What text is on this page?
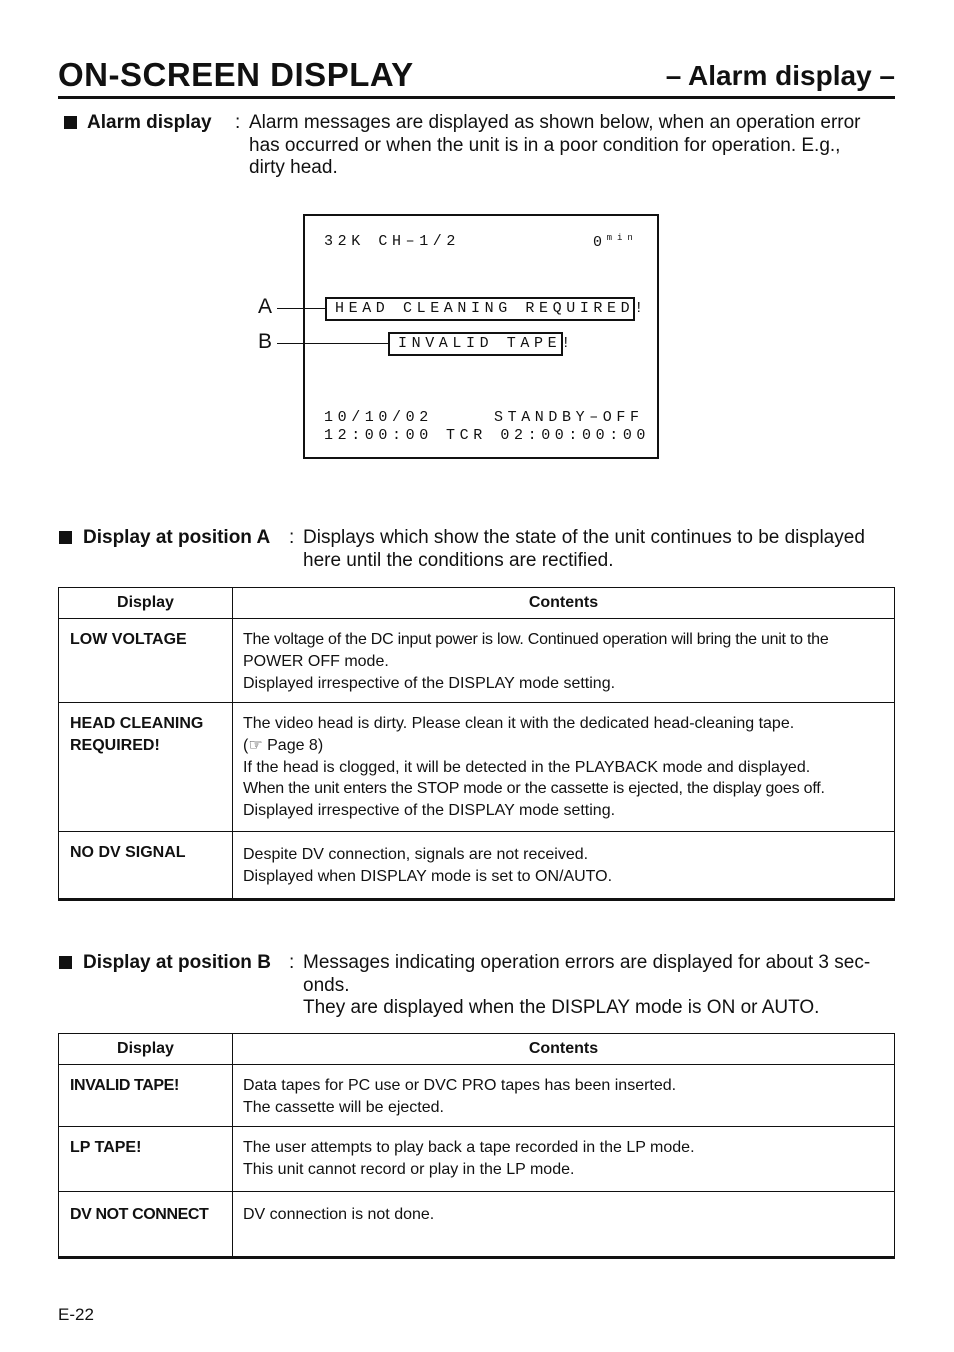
ON-SCREEN DISPLAY	– Alarm display –
Alarm display : Alarm messages are displayed as shown below, when an operation error
has occurred or when the unit is in a poor condition for operation. E.g.,
dirty head.
32K CH–1/2	$0^{min}$
HEAD CLEANING REQUIRED!
INVALID TAPE!
A
B
10/10/02	STANDBY–OFF
12:00:00 TCR 02:00:00:00
Display at position A : Displays which show the state of the unit continues to be displayed
here until the conditions are rectified.
Display	Contents

LOW VOLTAGE	The voltage of the DC input power is low. Continued operation will bring the unit to the
POWER OFF mode.
Displayed irrespective of the DISPLAY mode setting.

HEAD CLEANING
REQUIRED!	The video head is dirty. Please clean it with the dedicated head-cleaning tape.
(☞ Page 8)
If the head is clogged, it will be detected in the PLAYBACK mode and displayed.
When the unit enters the STOP mode or the cassette is ejected, the display goes off.
Displayed irrespective of the DISPLAY mode setting.

NO DV SIGNAL	Despite DV connection, signals are not received.
Displayed when DISPLAY mode is set to ON/AUTO.
Display at position B : Messages indicating operation errors are displayed for about 3 sec-
onds.
They are displayed when the DISPLAY mode is ON or AUTO.
Display	Contents

INVALID TAPE!	Data tapes for PC use or DVC PRO tapes has been inserted.
The cassette will be ejected.

LP TAPE!	The user attempts to play back a tape recorded in the LP mode.
This unit cannot record or play in the LP mode.

DV NOT CONNECT	DV connection is not done.
E-22
